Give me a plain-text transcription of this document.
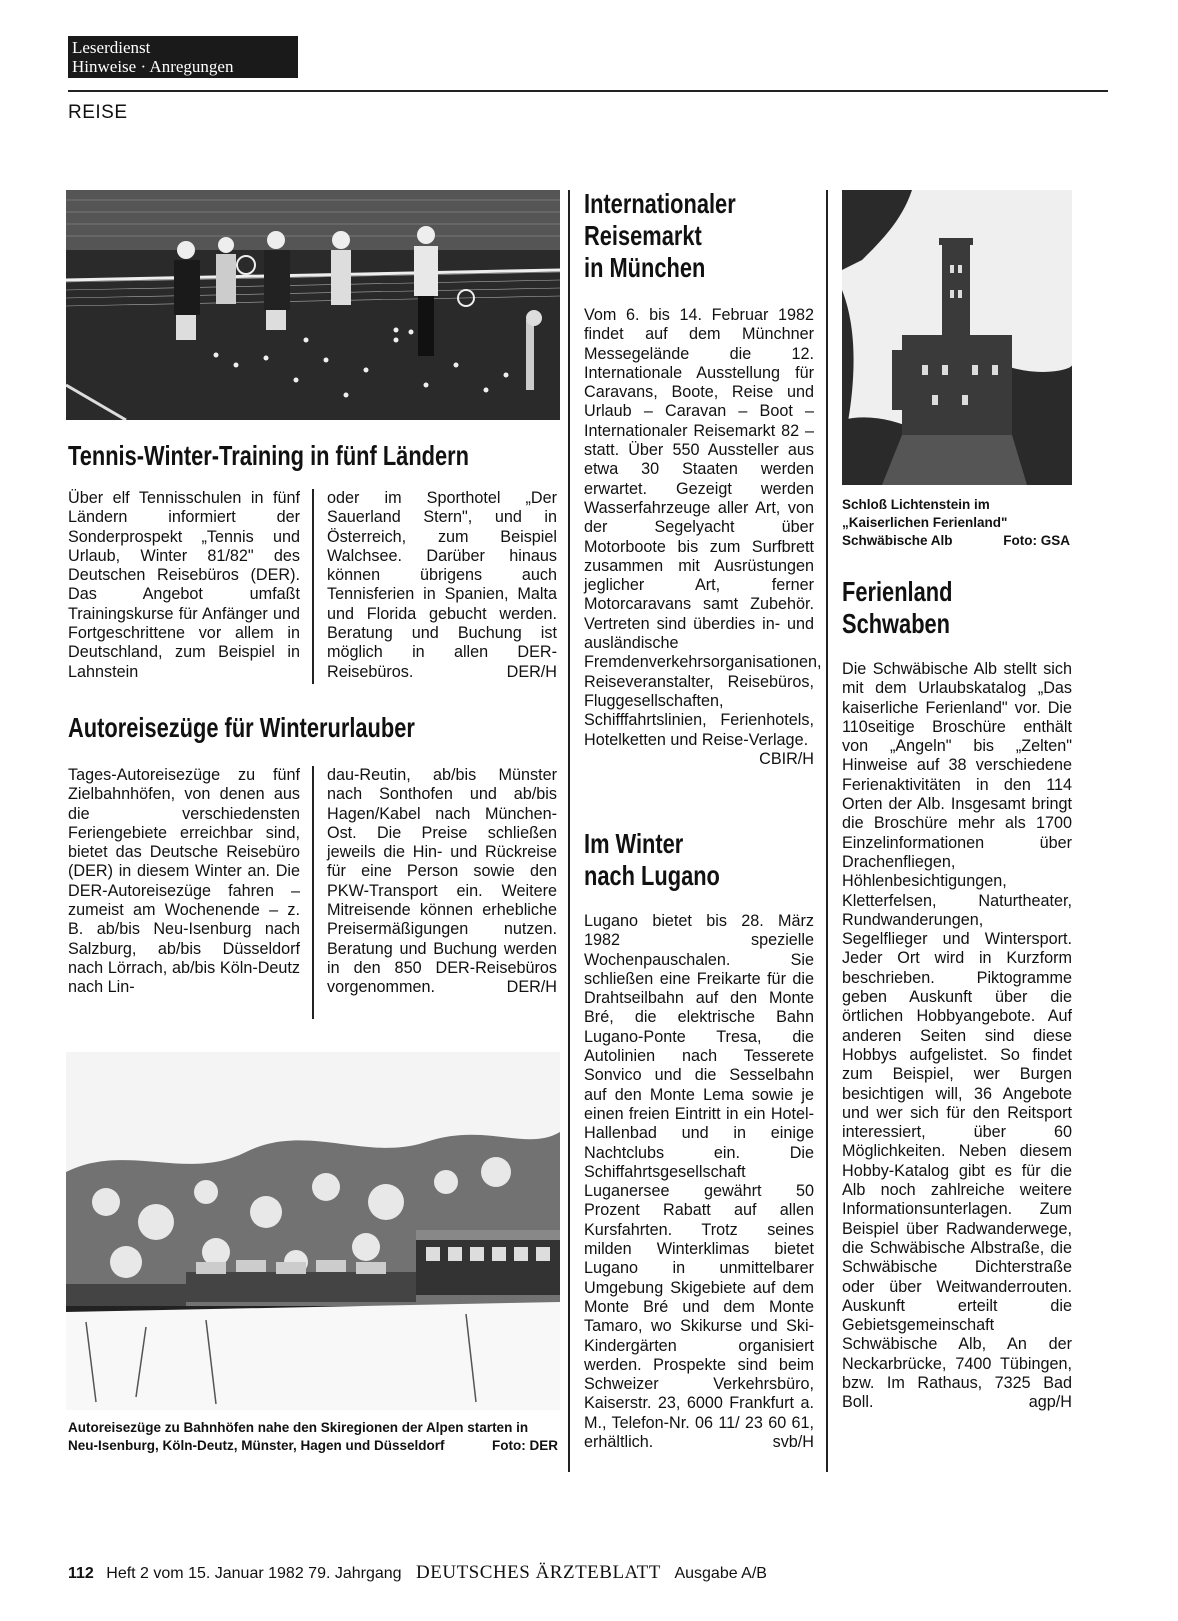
Leserdienst
Hinweise · Anregungen
REISE
Tennis-Winter-Training in fünf Ländern
Über elf Tennisschulen in fünf Ländern informiert der Sonderprospekt „Tennis und Urlaub, Winter 81/82" des Deutschen Reisebüros (DER). Das Angebot umfaßt Trainingskurse für Anfänger und Fortgeschrittene vor allem in Deutschland, zum Beispiel in Lahnstein
oder im Sporthotel „Der Sauerland Stern", und in Österreich, zum Beispiel Walchsee. Darüber hinaus können übrigens auch Tennisferien in Spanien, Malta und Florida gebucht werden. Beratung und Buchung ist möglich in allen DER-Reisebüros.	DER/H
Autoreisezüge für Winterurlauber
Tages-Autoreisezüge zu fünf Zielbahnhöfen, von denen aus die verschiedensten Feriengebiete erreichbar sind, bietet das Deutsche Reisebüro (DER) in diesem Winter an. Die DER-Autoreisezüge fahren – zumeist am Wochenende – z. B. ab/bis Neu-Isenburg nach Salzburg, ab/bis Düsseldorf nach Lörrach, ab/bis Köln-Deutz nach Lin-
dau-Reutin, ab/bis Münster nach Sonthofen und ab/bis Hagen/Kabel nach München-Ost. Die Preise schließen jeweils die Hin- und Rückreise für eine Person sowie den PKW-Transport ein. Weitere Mitreisende können erhebliche Preisermäßigungen nutzen. Beratung und Buchung werden in den 850 DER-Reisebüros vorgenommen.	DER/H
Autoreisezüge zu Bahnhöfen nahe den Skiregionen der Alpen starten in Neu-Isenburg, Köln-Deutz, Münster, Hagen und Düsseldorf	Foto: DER
Internationaler
Reisemarkt
in München
Vom 6. bis 14. Februar 1982 findet auf dem Münchner Messegelände die 12. Internationale Ausstellung für Caravans, Boote, Reise und Urlaub – Caravan – Boot – Internationaler Reisemarkt 82 – statt. Über 550 Aussteller aus etwa 30 Staaten werden erwartet. Gezeigt werden Wasserfahrzeuge aller Art, von der Segelyacht über Motorboote bis zum Surfbrett zusammen mit Ausrüstungen jeglicher Art, ferner Motorcaravans samt Zubehör. Vertreten sind überdies in- und ausländische Fremdenverkehrsorganisationen, Reiseveranstalter, Reisebüros, Fluggesellschaften, Schifffahrtslinien, Ferienhotels, Hotelketten und Reise-Verlage.
CBIR/H
Im Winter
nach Lugano
Lugano bietet bis 28. März 1982 spezielle Wochenpauschalen. Sie schließen eine Freikarte für die Drahtseilbahn auf den Monte Bré, die elektrische Bahn Lugano-Ponte Tresa, die Autolinien nach Tesserete Sonvico und die Sesselbahn auf den Monte Lema sowie je einen freien Eintritt in ein Hotel-Hallenbad und in einige Nachtclubs ein. Die Schiffahrtsgesellschaft Luganersee gewährt 50 Prozent Rabatt auf allen Kursfahrten. Trotz seines milden Winterklimas bietet Lugano in unmittelbarer Umgebung Skigebiete auf dem Monte Bré und dem Monte Tamaro, wo Skikurse und Ski-Kindergärten organisiert werden. Prospekte sind beim Schweizer Verkehrsbüro, Kaiserstr. 23, 6000 Frankfurt a. M., Telefon-Nr. 06 11/ 23 60 61, erhältlich.	svb/H
Schloß Lichtenstein im „Kaiserlichen Ferienland" Schwäbische Alb	Foto: GSA
Ferienland
Schwaben
Die Schwäbische Alb stellt sich mit dem Urlaubskatalog „Das kaiserliche Ferienland" vor. Die 110seitige Broschüre enthält von „Angeln" bis „Zelten" Hinweise auf 38 verschiedene Ferienaktivitäten in den 114 Orten der Alb. Insgesamt bringt die Broschüre mehr als 1700 Einzelinformationen über Drachenfliegen, Höhlenbesichtigungen, Kletterfelsen, Naturtheater, Rundwanderungen, Segelflieger und Wintersport. Jeder Ort wird in Kurzform beschrieben. Piktogramme geben Auskunft über die örtlichen Hobbyangebote. Auf anderen Seiten sind diese Hobbys aufgelistet. So findet zum Beispiel, wer Burgen besichtigen will, 36 Angebote und wer sich für den Reitsport interessiert, über 60 Möglichkeiten. Neben diesem Hobby-Katalog gibt es für die Alb noch zahlreiche weitere Informationsunterlagen. Zum Beispiel über Radwanderwege, die Schwäbische Albstraße, die Schwäbische Dichterstraße oder über Weitwanderrouten. Auskunft erteilt die Gebietsgemeinschaft Schwäbische Alb, An der Neckarbrücke, 7400 Tübingen, bzw. Im Rathaus, 7325 Bad Boll.	agp/H
112 Heft 2 vom 15. Januar 1982 79. Jahrgang DEUTSCHES ÄRZTEBLATT Ausgabe A/B
